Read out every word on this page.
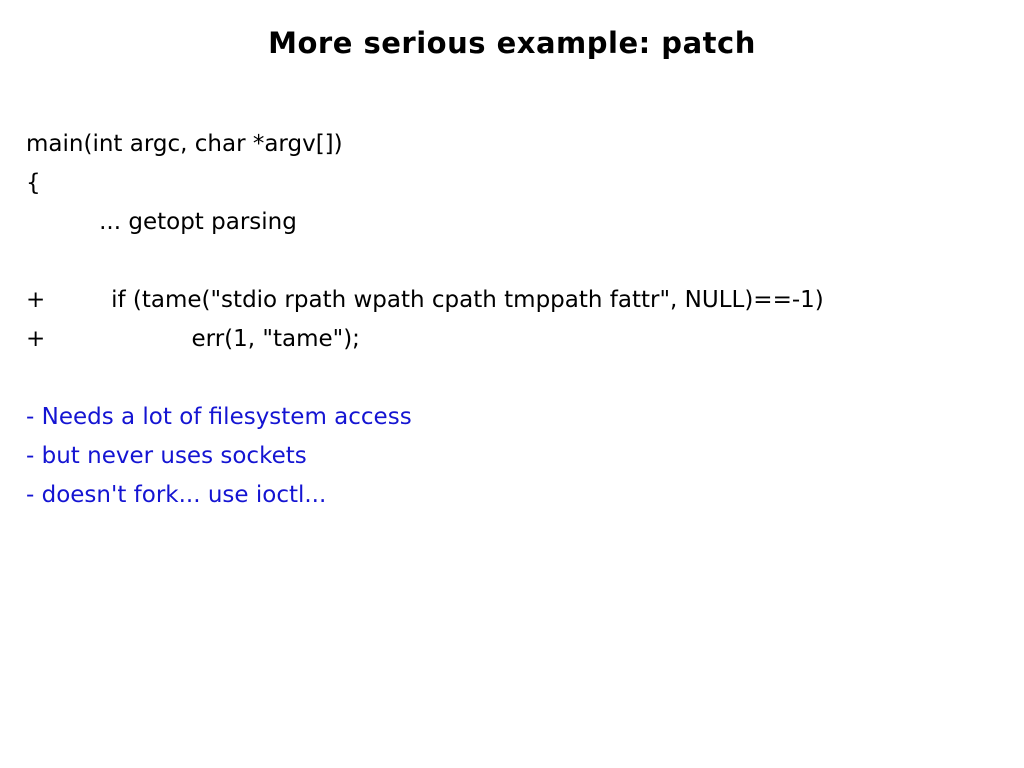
More serious example: patch
main(int argc, char *argv[])
{
... getopt parsing

+         if (tame("stdio rpath wpath cpath tmppath fattr", NULL)==-1)
+                    err(1, "tame");

- Needs a lot of filesystem access
- but never uses sockets
- doesn't fork... use ioctl...
